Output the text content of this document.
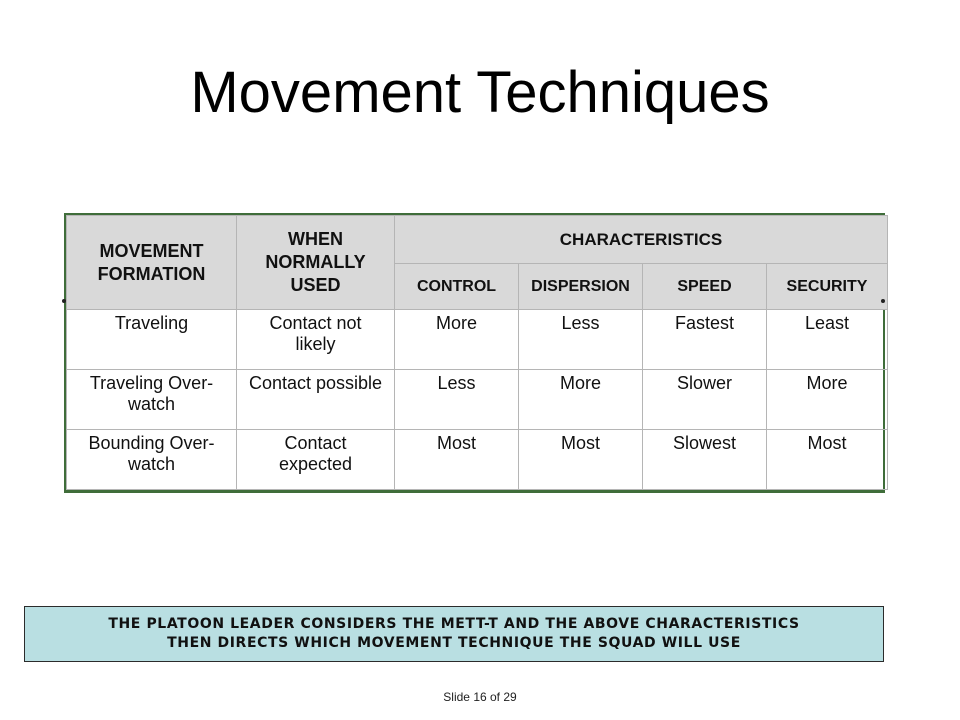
Movement Techniques
MOVEMENT FORMATION	WHEN NORMALLY USED	CHARACTERISTICS			
		CONTROL	DISPERSION	SPEED	SECURITY
Traveling	Contact not likely	More	Less	Fastest	Least
Traveling Over-watch	Contact possible	Less	More	Slower	More
Bounding Over-watch	Contact expected	Most	Most	Slowest	Most
THE PLATOON LEADER CONSIDERS THE METT-T AND THE ABOVE CHARACTERISTICS
THEN DIRECTS WHICH MOVEMENT TECHNIQUE THE SQUAD WILL USE
Slide 16 of 29
